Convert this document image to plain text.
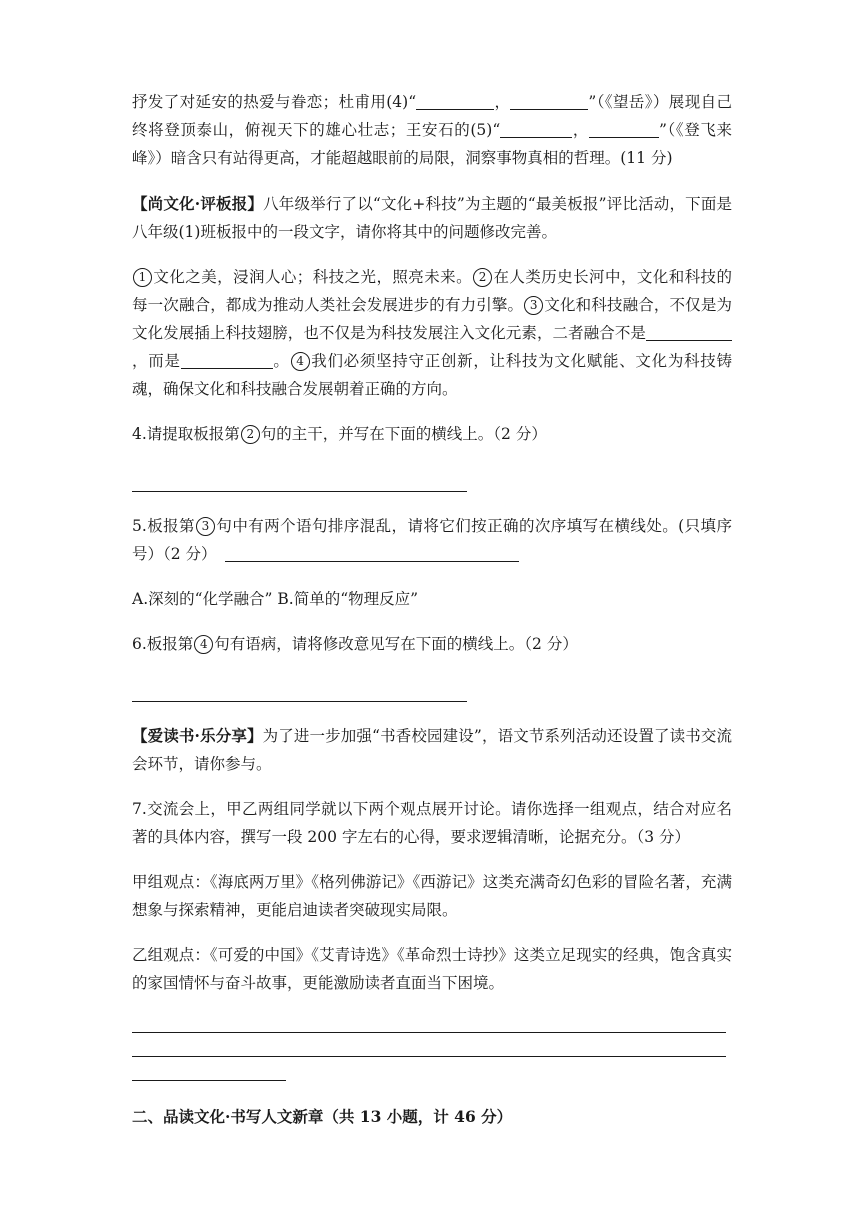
抒发了对延安的热爱与眷恋；杜甫用(4)“	，	”（《望岳》）展现自己终将登顶泰山，俯视天下的雄心壮志；王安石的(5)“	，	”（《登飞来峰》）暗含只有站得更高，才能超越眼前的局限，洞察事物真相的哲理。(11 分)

【尚文化·评板报】八年级举行了以“文化+科技”为主题的“最美板报”评比活动，下面是八年级(1)班板报中的一段文字，请你将其中的问题修改完善。

1 文化之美，浸润人心；科技之光，照亮未来。 2 在人类历史长河中，文化和科技的每一次融合，都成为推动人类社会发展进步的有力引擎。 3 文化和科技融合，不仅是为文化发展插上科技翅膀，也不仅是为科技发展注入文化元素，二者融合不是，而是	。 4 我们必须坚持守正创新，让科技为文化赋能、文化为科技铸魂，确保文化和科技融合发展朝着正确的方向。

4.请提取板报第 2 句的主干，并写在下面的横线上。（2 分）

5.板报第 3 句中有两个语句排序混乱，请将它们按正确的次序填写在横线处。(只填序号）（2 分）

A.深刻的“化学融合” B.简单的“物理反应”

6.板报第 4 句有语病，请将修改意见写在下面的横线上。（2 分）

【爱读书·乐分享】为了进一步加强“书香校园建设”，语文节系列活动还设置了读书交流会环节，请你参与。

7.交流会上，甲乙两组同学就以下两个观点展开讨论。请你选择一组观点，结合对应名著的具体内容，撰写一段 200 字左右的心得，要求逻辑清晰，论据充分。（3 分）

甲组观点：《海底两万里》《格列佛游记》《西游记》这类充满奇幻色彩的冒险名著，充满想象与探索精神，更能启迪读者突破现实局限。

乙组观点：《可爱的中国》《艾青诗选》《革命烈士诗抄》这类立足现实的经典，饱含真实的家国情怀与奋斗故事，更能激励读者直面当下困境。

二、品读文化·书写人文新章（共 13 小题，计 46 分）
